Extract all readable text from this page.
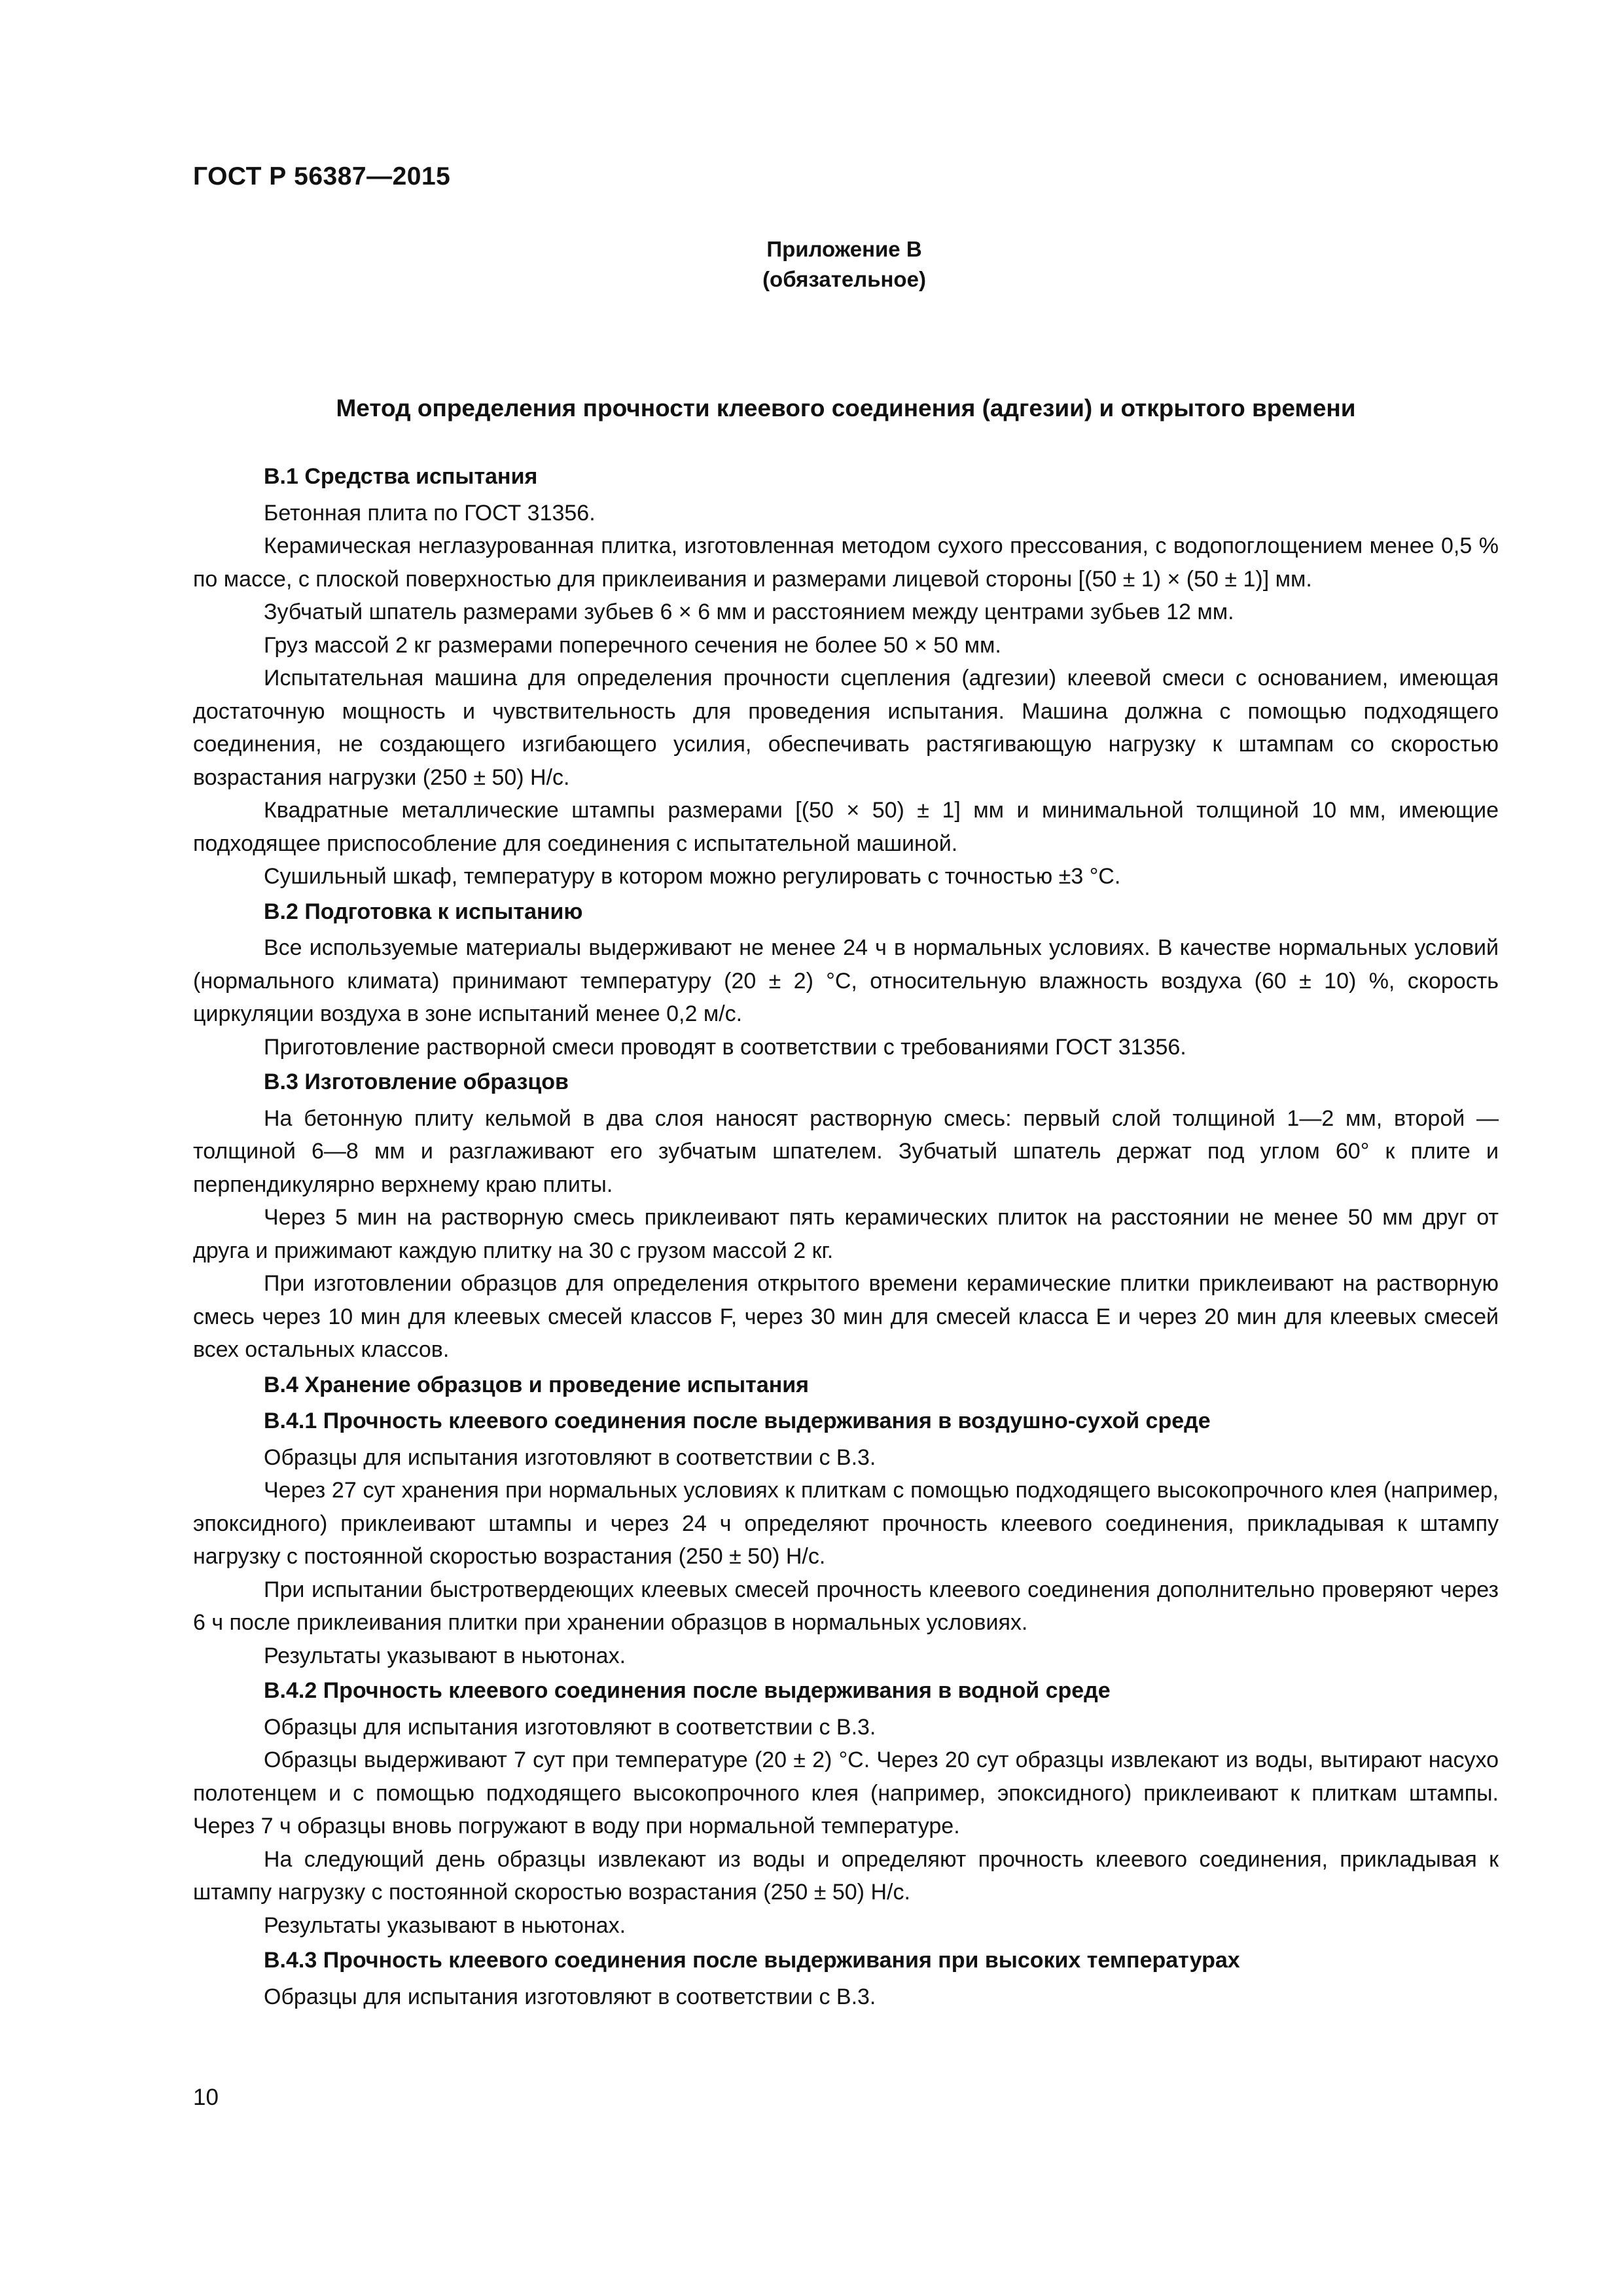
ГОСТ Р 56387—2015
Приложение В
(обязательное)
Метод определения прочности клеевого соединения (адгезии) и открытого времени
В.1 Средства испытания

Бетонная плита по ГОСТ 31356.

Керамическая неглазурованная плитка, изготовленная методом сухого прессования, с водопоглощением менее 0,5 % по массе, с плоской поверхностью для приклеивания и размерами лицевой стороны [(50 ± 1) × (50 ± 1)] мм.

Зубчатый шпатель размерами зубьев 6 × 6 мм и расстоянием между центрами зубьев 12 мм.

Груз массой 2 кг размерами поперечного сечения не более 50 × 50 мм.

Испытательная машина для определения прочности сцепления (адгезии) клеевой смеси с основанием, имеющая достаточную мощность и чувствительность для проведения испытания. Машина должна с помощью подходящего соединения, не создающего изгибающего усилия, обеспечивать растягивающую нагрузку к штампам со скоростью возрастания нагрузки (250 ± 50) Н/с.

Квадратные металлические штампы размерами [(50 × 50) ± 1] мм и минимальной толщиной 10 мм, имеющие подходящее приспособление для соединения с испытательной машиной.

Сушильный шкаф, температуру в котором можно регулировать с точностью ±3 °С.

В.2 Подготовка к испытанию

Все используемые материалы выдерживают не менее 24 ч в нормальных условиях. В качестве нормальных условий (нормального климата) принимают температуру (20 ± 2) °С, относительную влажность воздуха (60 ± 10) %, скорость циркуляции воздуха в зоне испытаний менее 0,2 м/с.

Приготовление растворной смеси проводят в соответствии с требованиями ГОСТ 31356.

В.3 Изготовление образцов

На бетонную плиту кельмой в два слоя наносят растворную смесь: первый слой толщиной 1—2 мм, второй — толщиной 6—8 мм и разглаживают его зубчатым шпателем. Зубчатый шпатель держат под углом 60° к плите и перпендикулярно верхнему краю плиты.

Через 5 мин на растворную смесь приклеивают пять керамических плиток на расстоянии не менее 50 мм друг от друга и прижимают каждую плитку на 30 с грузом массой 2 кг.

При изготовлении образцов для определения открытого времени керамические плитки приклеивают на растворную смесь через 10 мин для клеевых смесей классов F, через 30 мин для смесей класса Е и через 20 мин для клеевых смесей всех остальных классов.

В.4 Хранение образцов и проведение испытания
В.4.1 Прочность клеевого соединения после выдерживания в воздушно-сухой среде

Образцы для испытания изготовляют в соответствии с В.3.

Через 27 сут хранения при нормальных условиях к плиткам с помощью подходящего высокопрочного клея (например, эпоксидного) приклеивают штампы и через 24 ч определяют прочность клеевого соединения, прикладывая к штампу нагрузку с постоянной скоростью возрастания (250 ± 50) Н/с.

При испытании быстротвердеющих клеевых смесей прочность клеевого соединения дополнительно проверяют через 6 ч после приклеивания плитки при хранении образцов в нормальных условиях.

Результаты указывают в ньютонах.

В.4.2 Прочность клеевого соединения после выдерживания в водной среде

Образцы для испытания изготовляют в соответствии с В.3.

Образцы выдерживают 7 сут при температуре (20 ± 2) °С. Через 20 сут образцы извлекают из воды, вытирают насухо полотенцем и с помощью подходящего высокопрочного клея (например, эпоксидного) приклеивают к плиткам штампы. Через 7 ч образцы вновь погружают в воду при нормальной температуре.

На следующий день образцы извлекают из воды и определяют прочность клеевого соединения, прикладывая к штампу нагрузку с постоянной скоростью возрастания (250 ± 50) Н/с.

Результаты указывают в ньютонах.

В.4.3 Прочность клеевого соединения после выдерживания при высоких температурах

Образцы для испытания изготовляют в соответствии с В.3.

10
